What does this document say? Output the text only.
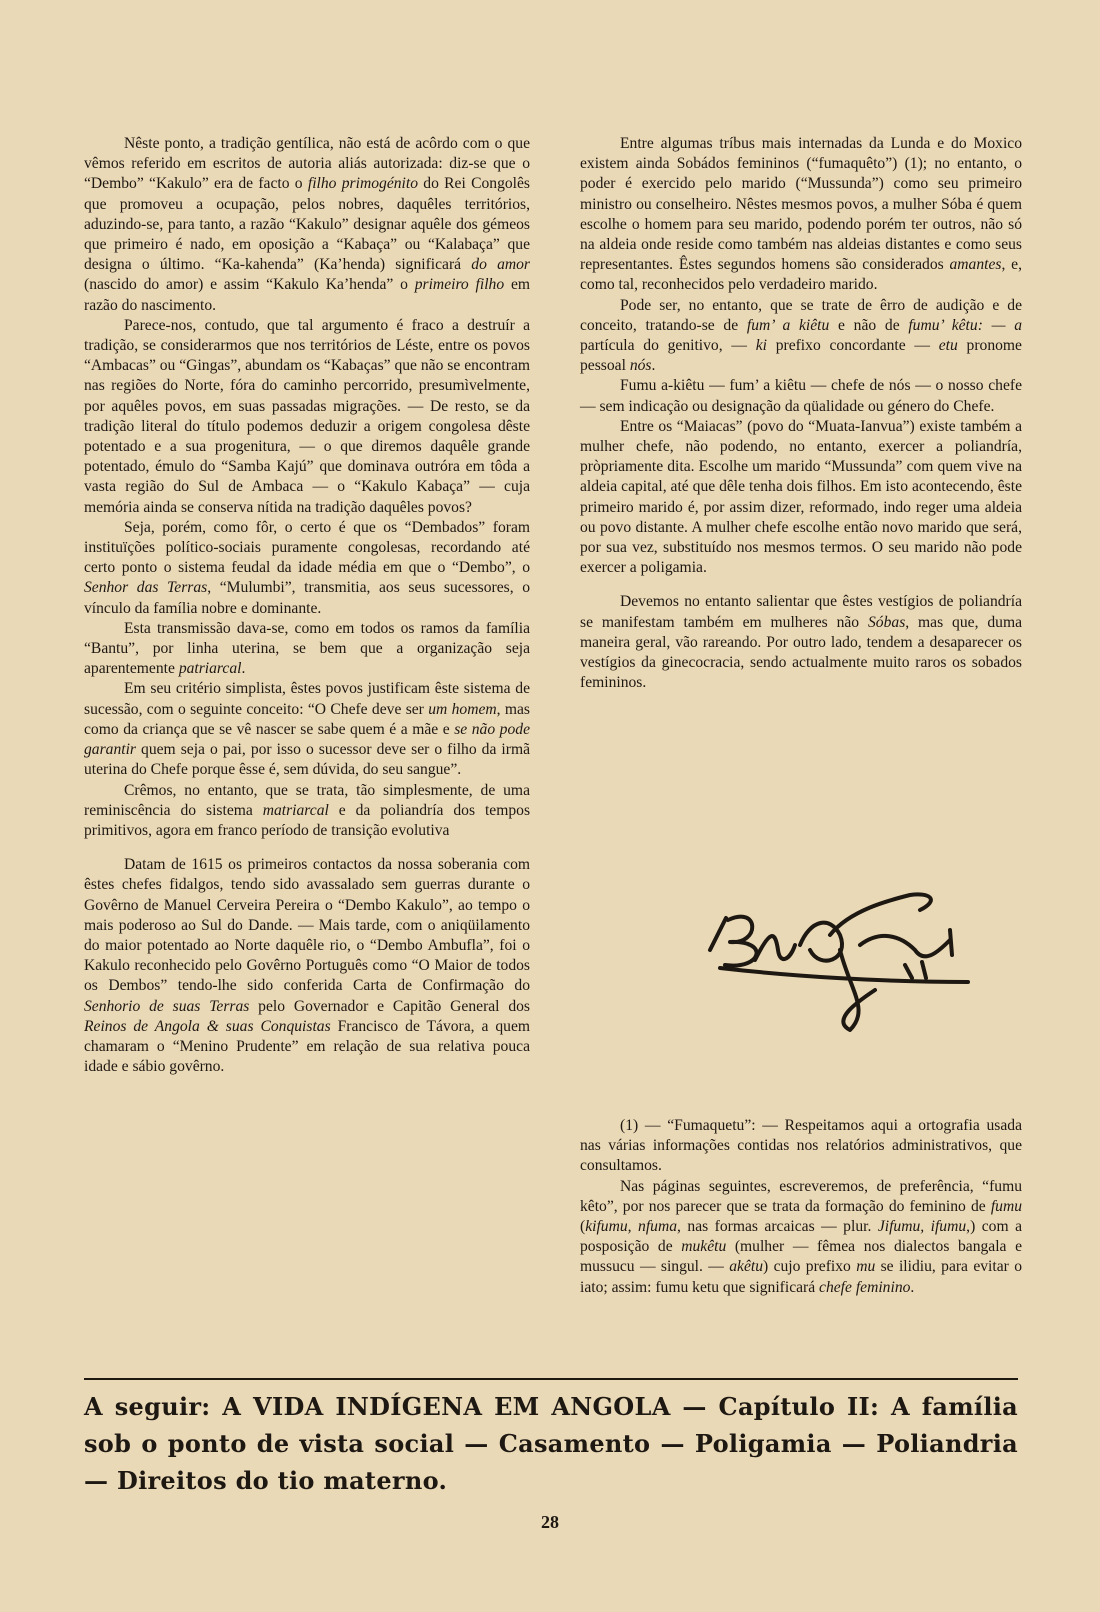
Nêste ponto, a tradição gentílica, não está de acôrdo com o que vêmos referido em escritos de autoria aliás autorizada: diz-se que o “Dembo” “Kakulo” era de facto o filho primogénito do Rei Congolês que promoveu a ocupação, pelos nobres, daquêles territórios, aduzindo-se, para tanto, a razão “Kakulo” designar aquêle dos gémeos que primeiro é nado, em oposição a “Kabaça” ou “Kalabaça” que designa o último. “Ka-kahenda” (Ka’henda) significará do amor (nascido do amor) e assim “Kakulo Ka’henda” o primeiro filho em razão do nascimento.

Parece-nos, contudo, que tal argumento é fraco a destruír a tradição, se considerarmos que nos territórios de Léste, entre os povos “Ambacas” ou “Gingas”, abundam os “Kabaças” que não se encontram nas regiões do Norte, fóra do caminho percorrido, presumìvelmente, por aquêles povos, em suas passadas migrações. — De resto, se da tradição literal do título podemos deduzir a origem congolesa dêste potentado e a sua progenitura, — o que diremos daquêle grande potentado, émulo do “Samba Kajú” que dominava outróra em tôda a vasta região do Sul de Ambaca — o “Kakulo Kabaça” — cuja memória ainda se conserva nítida na tradição daquêles povos?

Seja, porém, como fôr, o certo é que os “Dembados” foram instituïções político-sociais puramente congolesas, recordando até certo ponto o sistema feudal da idade média em que o “Dembo”, o Senhor das Terras, “Mulumbi”, transmitia, aos seus sucessores, o vínculo da família nobre e dominante.

Esta transmissão dava-se, como em todos os ramos da família “Bantu”, por linha uterina, se bem que a organização seja aparentemente patriarcal.

Em seu critério simplista, êstes povos justificam êste sistema de sucessão, com o seguinte conceito: “O Chefe deve ser um homem, mas como da criança que se vê nascer se sabe quem é a mãe e se não pode garantir quem seja o pai, por isso o sucessor deve ser o filho da irmã uterina do Chefe porque êsse é, sem dúvida, do seu sangue”.

Crêmos, no entanto, que se trata, tão simplesmente, de uma reminiscência do sistema matriarcal e da poliandría dos tempos primitivos, agora em franco período de transição evolutiva

Datam de 1615 os primeiros contactos da nossa soberania com êstes chefes fidalgos, tendo sido avassalado sem guerras durante o Govêrno de Manuel Cerveira Pereira o “Dembo Kakulo”, ao tempo o mais poderoso ao Sul do Dande. — Mais tarde, com o aniqüilamento do maior potentado ao Norte daquêle rio, o “Dembo Ambufla”, foi o Kakulo reconhecido pelo Govêrno Português como “O Maior de todos os Dembos” tendo-lhe sido conferida Carta de Confirmação do Senhorio de suas Terras pelo Governador e Capitão General dos Reinos de Angola & suas Conquistas Francisco de Távora, a quem chamaram o “Menino Prudente” em relação de sua relativa pouca idade e sábio govêrno.

Entre algumas tríbus mais internadas da Lunda e do Moxico existem ainda Sobádos femininos (“fumaquêto”) (1); no entanto, o poder é exercido pelo marido (“Mussunda”) como seu primeiro ministro ou conselheiro. Nêstes mesmos povos, a mulher Sóba é quem escolhe o homem para seu marido, podendo porém ter outros, não só na aldeia onde reside como também nas aldeias distantes e como seus representantes. Êstes segundos homens são considerados amantes, e, como tal, reconhecidos pelo verdadeiro marido.

Pode ser, no entanto, que se trate de êrro de audição e de conceito, tratando-se de fum’ a kiêtu e não de fumu’ kêtu: — a partícula do genitivo, — ki prefixo concordante — etu pronome pessoal nós.

Fumu a-kiêtu — fum’ a kiêtu — chefe de nós — o nosso chefe — sem indicação ou designação da qüalidade ou género do Chefe.

Entre os “Maiacas” (povo do “Muata-Ianvua”) existe também a mulher chefe, não podendo, no entanto, exercer a poliandría, pròpriamente dita. Escolhe um marido “Mussunda” com quem vive na aldeia capital, até que dêle tenha dois filhos. Em isto acontecendo, êste primeiro marido é, por assim dizer, reformado, indo reger uma aldeia ou povo distante. A mulher chefe escolhe então novo marido que será, por sua vez, substituído nos mesmos termos. O seu marido não pode exercer a poligamia.

Devemos no entanto salientar que êstes vestígios de poliandría se manifestam também em mulheres não Sóbas, mas que, duma maneira geral, vão rareando. Por outro lado, tendem a desaparecer os vestígios da ginecocracia, sendo actualmente muito raros os sobados femininos.

(1) — “Fumaquetu”: — Respeitamos aqui a ortografia usada nas várias informações contidas nos relatórios administrativos, que consultamos.

Nas páginas seguintes, escreveremos, de preferência, “fumu kêto”, por nos parecer que se trata da formação do feminino de fumu (kifumu, nfuma, nas formas arcaicas — plur. Jifumu, ifumu,) com a posposição de mukêtu (mulher — fêmea nos dialectos bangala e mussucu — singul. — akêtu) cujo prefixo mu se ilidiu, para evitar o iato; assim: fumu ketu que significará chefe feminino.

A seguir: A VIDA INDÍGENA EM ANGOLA — Capítulo II: A família sob o ponto de vista social — Casamento — Poligamia — Poliandria — Direitos do tio materno.
28
